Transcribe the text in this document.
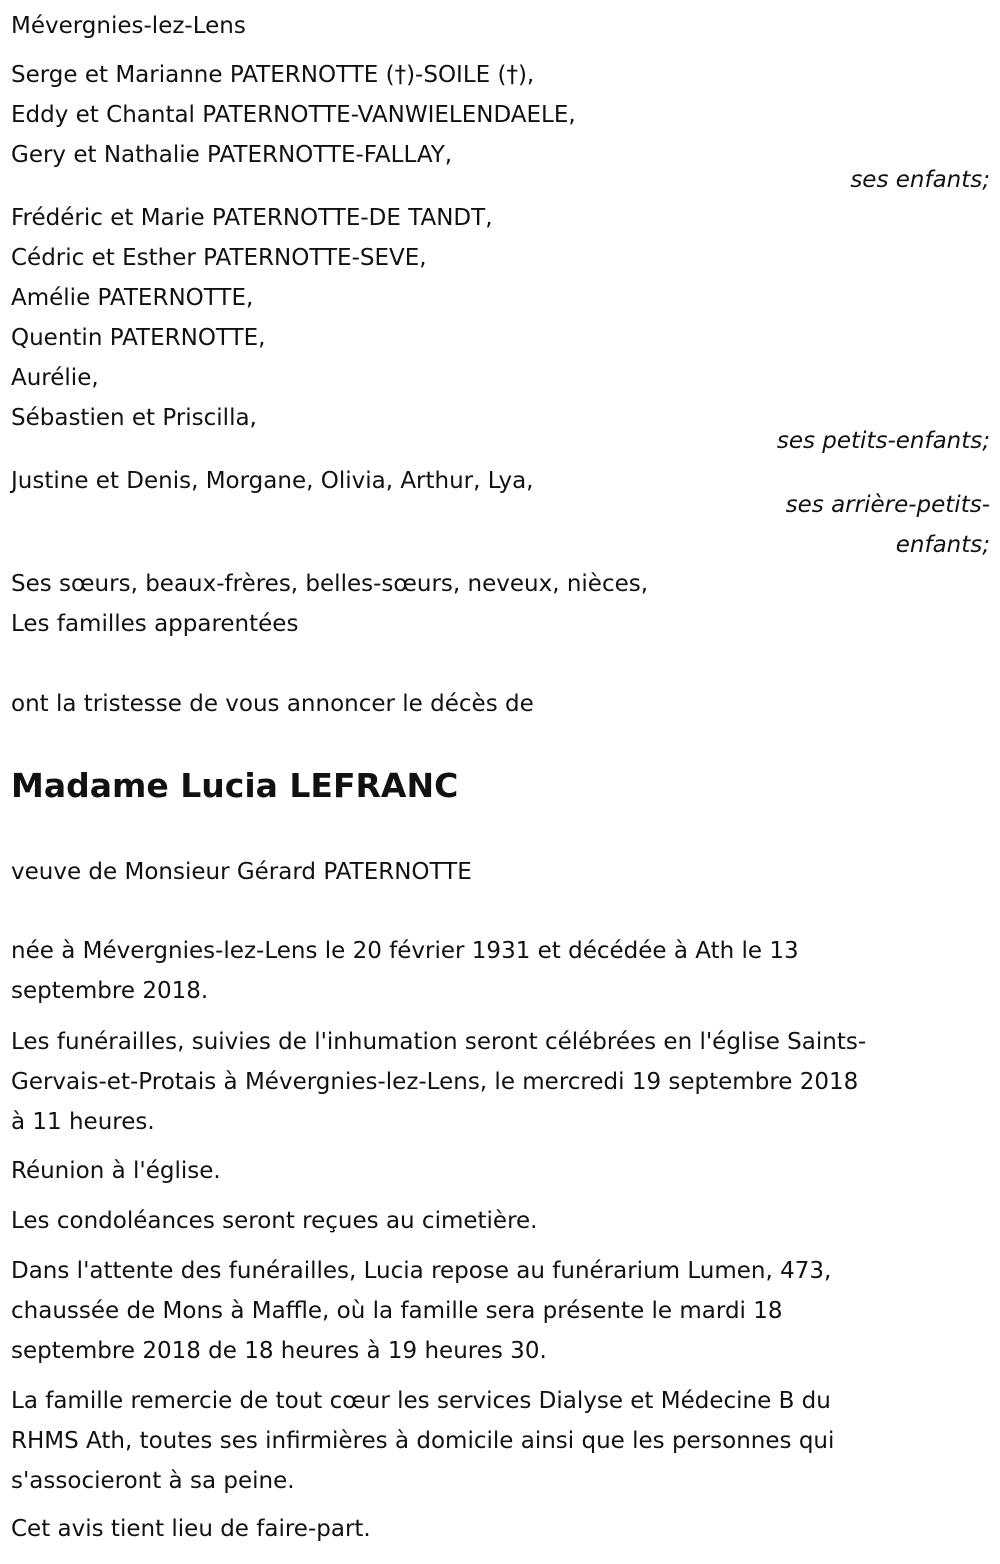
Mévergnies-lez-Lens
Serge et Marianne PATERNOTTE (†)-SOILE (†),
Eddy et Chantal PATERNOTTE-VANWIELENDAELE,
Gery et Nathalie PATERNOTTE-FALLAY,
ses enfants;
Frédéric et Marie PATERNOTTE-DE TANDT,
Cédric et Esther PATERNOTTE-SEVE,
Amélie PATERNOTTE,
Quentin PATERNOTTE,
Aurélie,
Sébastien et Priscilla,
ses petits-enfants;
Justine et Denis, Morgane, Olivia, Arthur, Lya,
ses arrière-petits-
enfants;
Ses sœurs, beaux-frères, belles-sœurs, neveux, nièces,
Les familles apparentées
ont la tristesse de vous annoncer le décès de
Madame Lucia LEFRANC
veuve de Monsieur Gérard PATERNOTTE
née à Mévergnies-lez-Lens le 20 février 1931 et décédée à Ath le 13
septembre 2018.
Les funérailles, suivies de l'inhumation seront célébrées en l'église Saints-
Gervais-et-Protais à Mévergnies-lez-Lens, le mercredi 19 septembre 2018
à 11 heures.
Réunion à l'église.
Les condoléances seront reçues au cimetière.
Dans l'attente des funérailles, Lucia repose au funérarium Lumen, 473,
chaussée de Mons à Maffle, où la famille sera présente le mardi 18
septembre 2018 de 18 heures à 19 heures 30.
La famille remercie de tout cœur les services Dialyse et Médecine B du
RHMS Ath, toutes ses infirmières à domicile ainsi que les personnes qui
s'associeront à sa peine.
Cet avis tient lieu de faire-part.
